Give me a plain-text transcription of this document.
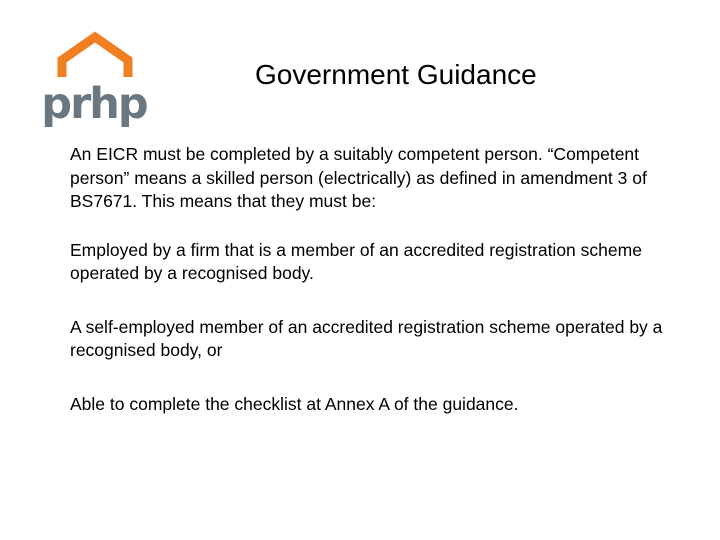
prhp
Government Guidance

An EICR must be completed by a suitably competent person. “Competent person” means a skilled person (electrically) as defined in amendment 3 of BS7671. This means that they must be:

Employed by a firm that is a member of an accredited registration scheme operated by a recognised body.

A self-employed member of an accredited registration scheme operated by a recognised body, or

Able to complete the checklist at Annex A of the guidance.
